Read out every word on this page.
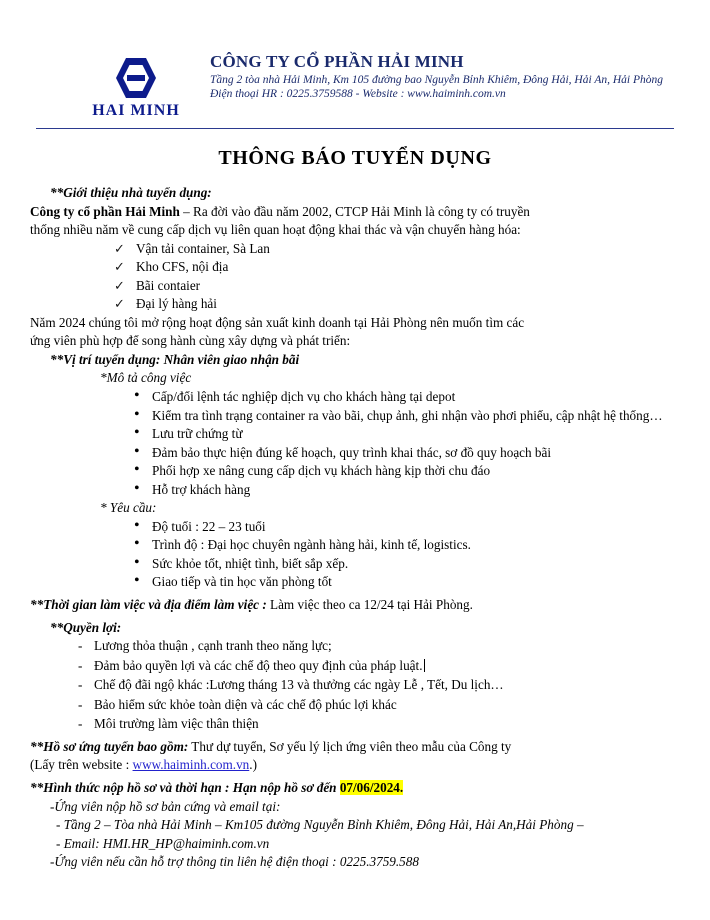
HAI MINH
CÔNG TY CỔ PHẦN HẢI MINH
Tầng 2 tòa nhà Hải Minh, Km 105 đường bao Nguyễn Bỉnh Khiêm, Đông Hải, Hải An, Hải Phòng
Điện thoại HR : 0225.3759588 - Website : www.haiminh.com.vn
THÔNG BÁO TUYỂN DỤNG

**Giới thiệu nhà tuyển dụng:

Công ty cổ phần Hải Minh – Ra đời vào đầu năm 2002, CTCP Hải Minh là công ty có truyền

thống nhiều năm về cung cấp dịch vụ liên quan hoạt động khai thác và vận chuyển hàng hóa:

✓ Vận tải container, Sà Lan
✓ Kho CFS, nội địa
✓ Bãi contaier
✓ Đại lý hàng hải

Năm 2024 chúng tôi mở rộng hoạt động sản xuất kinh doanh tại Hải Phòng nên muốn tìm các

ứng viên phù hợp để song hành cùng xây dựng và phát triển:

**Vị trí tuyển dụng: Nhân viên giao nhận bãi

*Mô tả công việc

• Cấp/đổi lệnh tác nghiệp dịch vụ cho khách hàng tại depot
• Kiểm tra tình trạng container ra vào bãi, chụp ảnh, ghi nhận vào phơi phiếu, cập nhật hệ thống…
• Lưu trữ chứng từ
• Đảm bảo thực hiện đúng kế hoạch, quy trình khai thác, sơ đồ quy hoạch bãi
• Phối hợp xe nâng cung cấp dịch vụ khách hàng kịp thời chu đáo
• Hỗ trợ khách hàng

* Yêu cầu:

• Độ tuổi : 22 – 23 tuổi
• Trình độ : Đại học chuyên ngành hàng hải, kinh tế, logistics.
• Sức khỏe tốt, nhiệt tình, biết sắp xếp.
• Giao tiếp và tin học văn phòng tốt

**Thời gian làm việc và địa điểm làm việc : Làm việc theo ca 12/24 tại Hải Phòng.

**Quyền lợi:

- Lương thỏa thuận , cạnh tranh theo năng lực;
- Đảm bảo quyền lợi và các chế độ theo quy định của pháp luật.
- Chế độ đãi ngộ khác :Lương tháng 13 và thưởng các ngày Lễ , Tết, Du lịch…
- Bảo hiểm sức khỏe toàn diện và các chế độ phúc lợi khác
- Môi trường làm việc thân thiện

**Hồ sơ ứng tuyển bao gồm: Thư dự tuyển, Sơ yếu lý lịch ứng viên theo mẫu của Công ty

(Lấy trên website : www.haiminh.com.vn.)

**Hình thức nộp hồ sơ và thời hạn : Hạn nộp hồ sơ đến 07/06/2024.

-Ứng viên nộp hồ sơ bản cứng và email tại:

- Tầng 2 – Tòa nhà Hải Minh – Km105 đường Nguyễn Bỉnh Khiêm, Đông Hải, Hải An,Hải Phòng –

- Email: HMI.HR_HP@haiminh.com.vn

-Ứng viên nếu cần hỗ trợ thông tin liên hệ điện thoại : 0225.3759.588
